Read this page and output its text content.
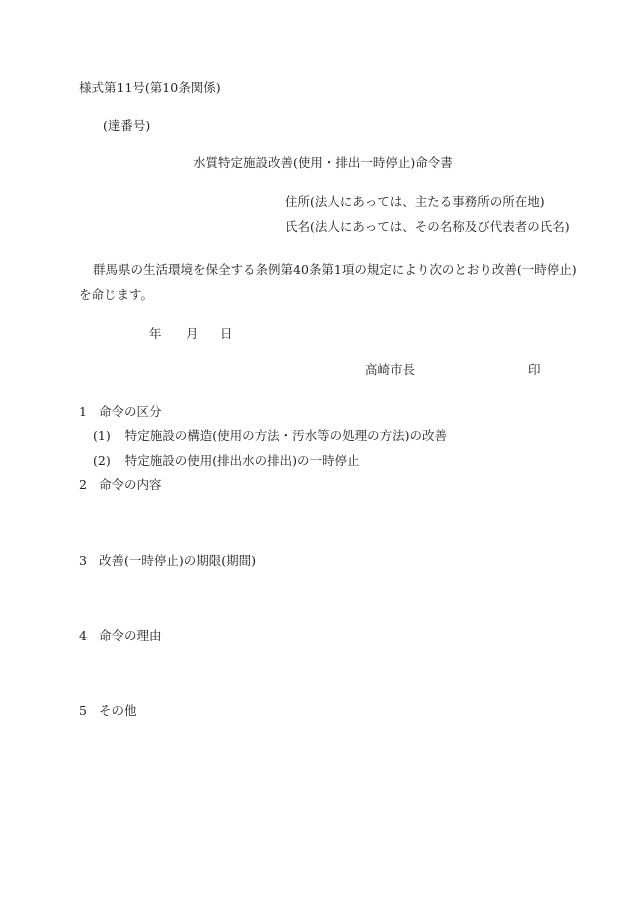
様式第11号(第10条関係)
(達番号)
水質特定施設改善(使用・排出一時停止)命令書
住所(法人にあっては、主たる事務所の所在地)
氏名(法人にあっては、その名称及び代表者の氏名)
群馬県の生活環境を保全する条例第40条第1項の規定により次のとおり改善(一時停止)
を命じます。
年 月 日
高崎市長	印
1 命令の区分
(1) 特定施設の構造(使用の方法・汚水等の処理の方法)の改善
(2) 特定施設の使用(排出水の排出)の一時停止
2 命令の内容
3 改善(一時停止)の期限(期間)
4 命令の理由
5 その他
